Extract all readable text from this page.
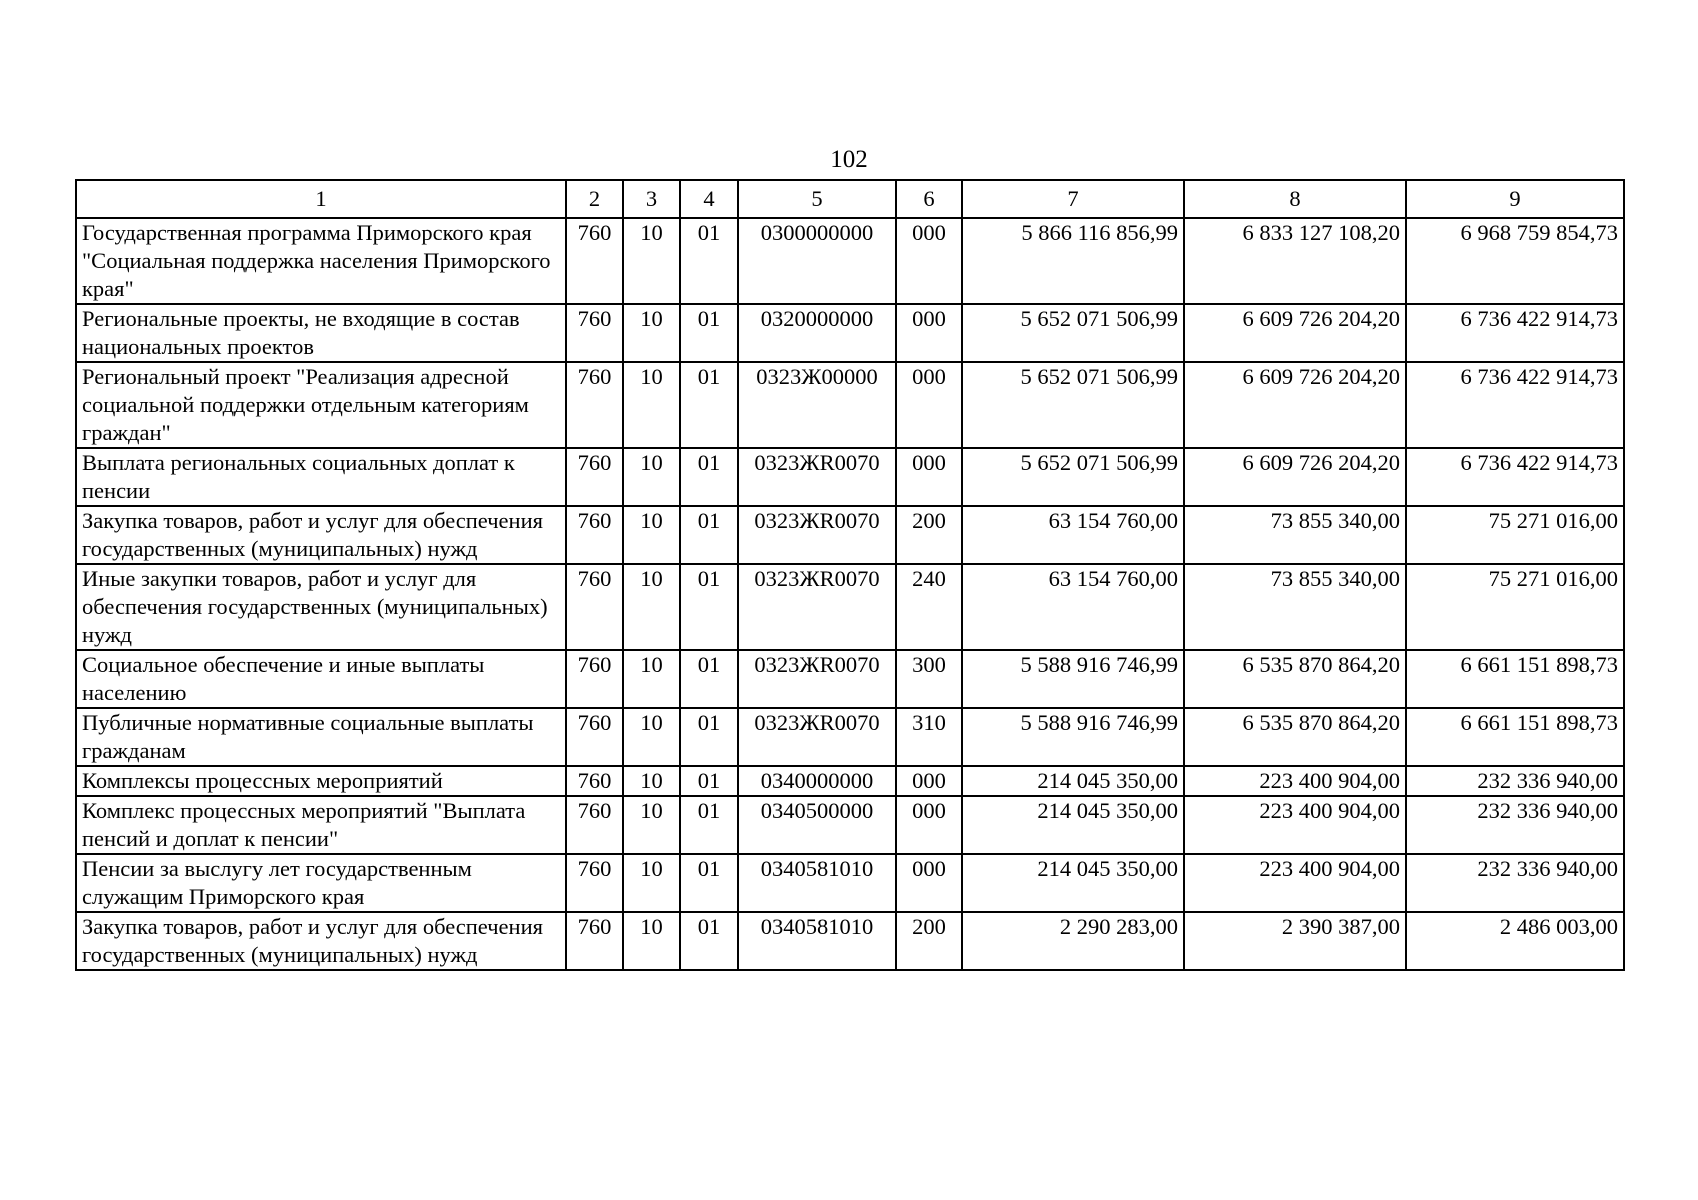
102
1	2	3	4	5	6	7	8	9
Государственная программа Приморского края "Социальная поддержка населения Приморского края"	760	10	01	0300000000	000	5 866 116 856,99	6 833 127 108,20	6 968 759 854,73
Региональные проекты, не входящие в состав национальных проектов	760	10	01	0320000000	000	5 652 071 506,99	6 609 726 204,20	6 736 422 914,73
Региональный проект "Реализация адресной социальной поддержки отдельным категориям граждан"	760	10	01	0323Ж00000	000	5 652 071 506,99	6 609 726 204,20	6 736 422 914,73
Выплата региональных социальных доплат к пенсии	760	10	01	0323ЖR0070	000	5 652 071 506,99	6 609 726 204,20	6 736 422 914,73
Закупка товаров, работ и услуг для обеспечения государственных (муниципальных) нужд	760	10	01	0323ЖR0070	200	63 154 760,00	73 855 340,00	75 271 016,00
Иные закупки товаров, работ и услуг для обеспечения государственных (муниципальных) нужд	760	10	01	0323ЖR0070	240	63 154 760,00	73 855 340,00	75 271 016,00
Социальное обеспечение и иные выплаты населению	760	10	01	0323ЖR0070	300	5 588 916 746,99	6 535 870 864,20	6 661 151 898,73
Публичные нормативные социальные выплаты гражданам	760	10	01	0323ЖR0070	310	5 588 916 746,99	6 535 870 864,20	6 661 151 898,73
Комплексы процессных мероприятий	760	10	01	0340000000	000	214 045 350,00	223 400 904,00	232 336 940,00
Комплекс процессных мероприятий "Выплата пенсий и доплат к пенсии"	760	10	01	0340500000	000	214 045 350,00	223 400 904,00	232 336 940,00
Пенсии за выслугу лет государственным служащим Приморского края	760	10	01	0340581010	000	214 045 350,00	223 400 904,00	232 336 940,00
Закупка товаров, работ и услуг для обеспечения государственных (муниципальных) нужд	760	10	01	0340581010	200	2 290 283,00	2 390 387,00	2 486 003,00
